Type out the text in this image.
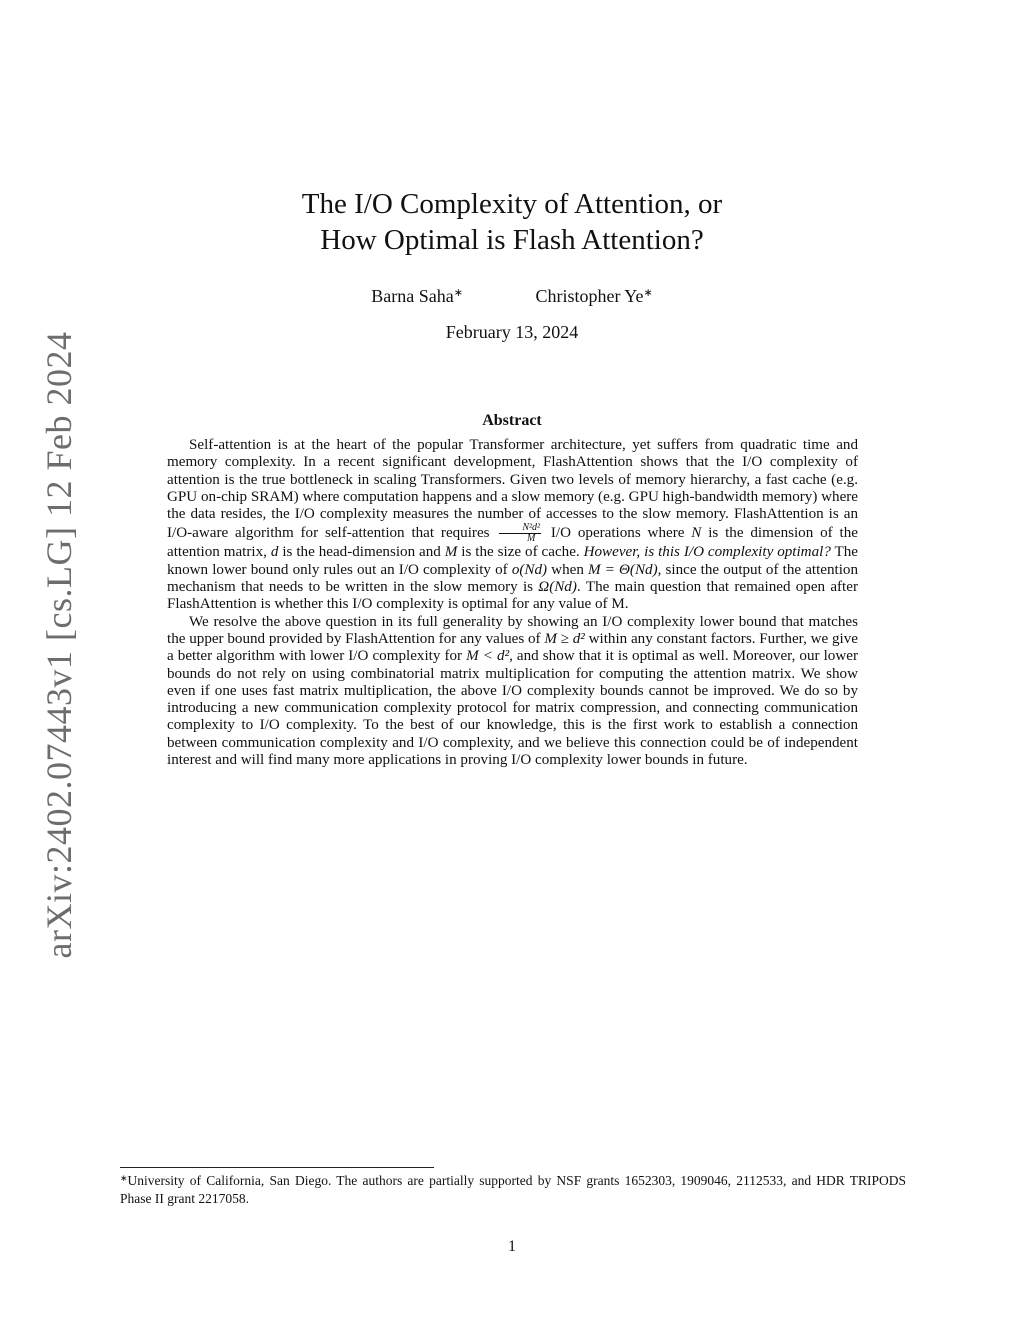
arXiv:2402.07443v1 [cs.LG] 12 Feb 2024
The I/O Complexity of Attention, or
How Optimal is Flash Attention?
Barna Saha∗	Christopher Ye∗
February 13, 2024
Abstract

Self-attention is at the heart of the popular Transformer architecture, yet suffers from quadratic time and memory complexity. In a recent significant development, FlashAttention shows that the I/O complexity of attention is the true bottleneck in scaling Transformers. Given two levels of memory hierarchy, a fast cache (e.g. GPU on-chip SRAM) where computation happens and a slow memory (e.g. GPU high-bandwidth memory) where the data resides, the I/O complexity measures the number of accesses to the slow memory. FlashAttention is an I/O-aware algorithm for self-attention that requires $\frac{\text{N²d²}}{M} I/O$ operations where N is the dimension of the attention matrix, d is the head-dimension and M is the size of cache. However, is this I/O complexity optimal? The known lower bound only rules out an I/O complexity of o(Nd) when M = Θ(Nd), since the output of the attention mechanism that needs to be written in the slow memory is Ω(Nd). The main question that remained open after FlashAttention is whether this I/O complexity is optimal for any value of M.

We resolve the above question in its full generality by showing an I/O complexity lower bound that matches the upper bound provided by FlashAttention for any values of M ≥ d² within any constant factors. Further, we give a better algorithm with lower I/O complexity for M < d², and show that it is optimal as well. Moreover, our lower bounds do not rely on using combinatorial matrix multiplication for computing the attention matrix. We show even if one uses fast matrix multiplication, the above I/O complexity bounds cannot be improved. We do so by introducing a new communication complexity protocol for matrix compression, and connecting communication complexity to I/O complexity. To the best of our knowledge, this is the first work to establish a connection between communication complexity and I/O complexity, and we believe this connection could be of independent interest and will find many more applications in proving I/O complexity lower bounds in future.

∗University of California, San Diego. The authors are partially supported by NSF grants 1652303, 1909046, 2112533, and HDR TRIPODS Phase II grant 2217058.
1
